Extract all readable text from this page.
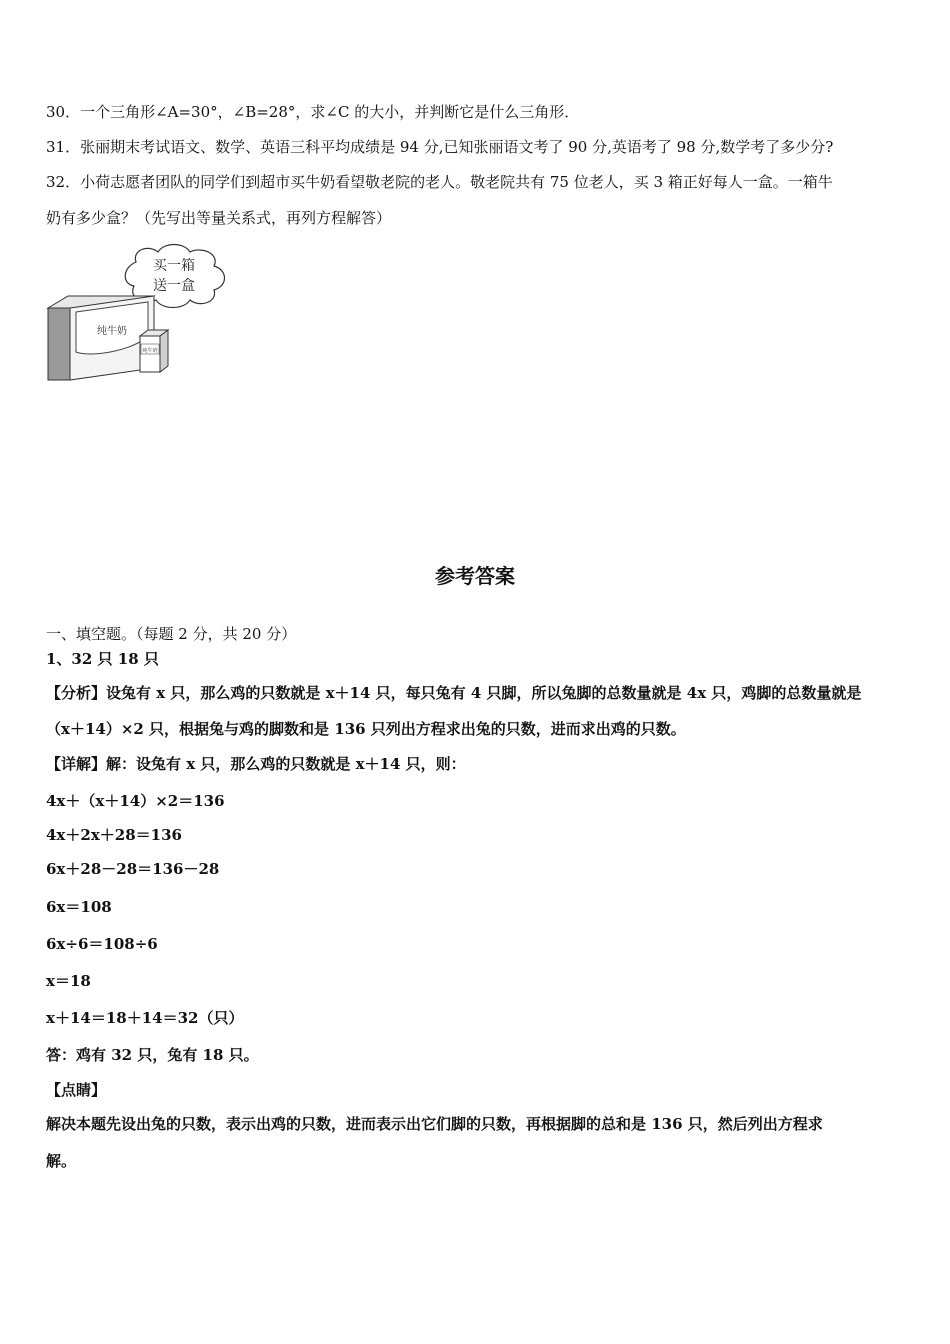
30．一个三角形∠A=30°，∠B=28°，求∠C 的大小，并判断它是什么三角形．
31．张丽期末考试语文、数学、英语三科平均成绩是 94 分,已知张丽语文考了 90 分,英语考了 98 分,数学考了多少分?
32．小荷志愿者团队的同学们到超市买牛奶看望敬老院的老人。敬老院共有 75 位老人，买 3 箱正好每人一盒。一箱牛
奶有多少盒？（先写出等量关系式，再列方程解答）
买一箱
送一盒
纯牛奶
纯牛奶
参考答案
一、填空题。（每题 2 分，共 20 分）
1、32 只 18 只
【分析】设兔有 x 只，那么鸡的只数就是 x＋14 只，每只兔有 4 只脚，所以兔脚的总数量就是 4x 只，鸡脚的总数量就是
（x＋14）×2 只，根据兔与鸡的脚数和是 136 只列出方程求出兔的只数，进而求出鸡的只数。
【详解】解：设兔有 x 只，那么鸡的只数就是 x＋14 只，则：
4x＋（x＋14）×2＝136
4x＋2x＋28＝136
6x＋28－28＝136－28
6x＝108
6x÷6＝108÷6
x＝18
x＋14＝18＋14＝32（只）
答：鸡有 32 只，兔有 18 只。
【点睛】
解决本题先设出兔的只数，表示出鸡的只数，进而表示出它们脚的只数，再根据脚的总和是 136 只，然后列出方程求
解。
